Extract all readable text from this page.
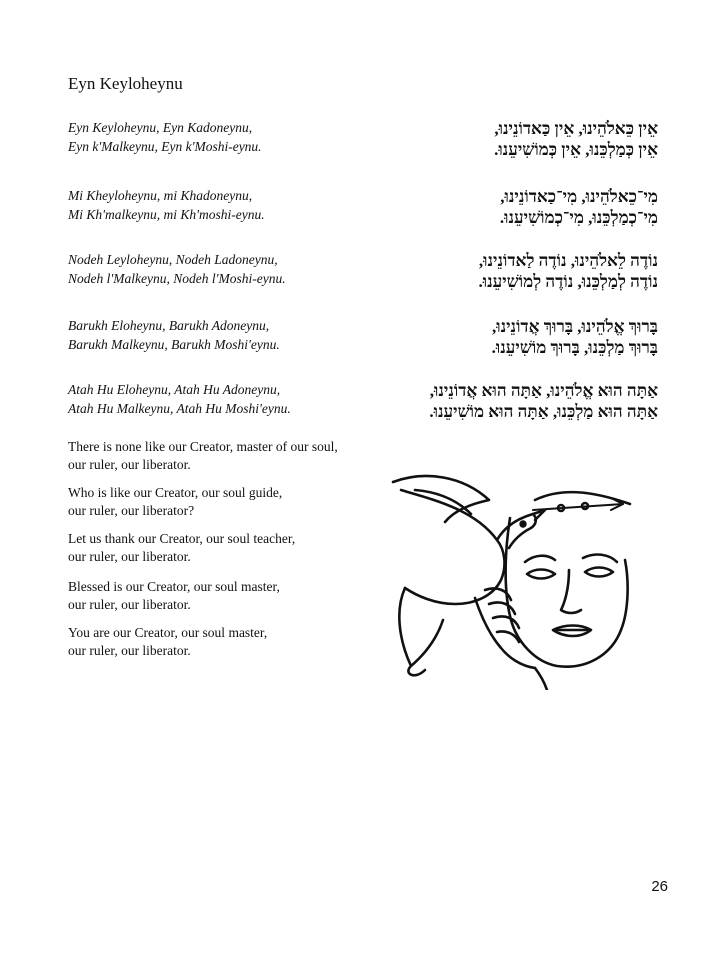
Eyn Keyloheynu
Eyn Keyloheynu, Eyn Kadoneynu,
Eyn k'Malkeynu, Eyn k'Moshi-eynu.
אֵין כֵּאלֹהֵינוּ, אֵין כַּאדוֹנֵינוּ,
אֵין כְּמַלְכֵּנוּ, אֵין כְּמוֹשִׁיעֵנוּ.
Mi Kheyloheynu, mi Khadoneynu,
Mi Kh'malkeynu, mi Kh'moshi-eynu.
מִי־כֵאלֹהֵינוּ, מִי־כַאדוֹנֵינוּ,
מִי־כְמַלְכֵּנוּ, מִי־כְמוֹשִׁיעֵנוּ.
Nodeh Leyloheynu, Nodeh Ladoneynu,
Nodeh l'Malkeynu, Nodeh l'Moshi-eynu.
נוֹדֶה לֵאלֹהֵינוּ, נוֹדֶה לַאדוֹנֵינוּ,
נוֹדֶה לְמַלְכֵּנוּ, נוֹדֶה לְמוֹשִׁיעֵנוּ.
Barukh Eloheynu, Barukh Adoneynu,
Barukh Malkeynu, Barukh Moshi'eynu.
בָּרוּךְ אֱלֹהֵינוּ, בָּרוּךְ אֲדוֹנֵינוּ,
בָּרוּךְ מַלְכֵּנוּ, בָּרוּךְ מוֹשִׁיעֵנוּ.
Atah Hu Eloheynu, Atah Hu Adoneynu,
Atah Hu Malkeynu, Atah Hu Moshi'eynu.
אַתָּה הוּא אֱלֹהֵינוּ, אַתָּה הוּא אֲדוֹנֵינוּ,
אַתָּה הוּא מַלְכֵּנוּ, אַתָּה הוּא מוֹשִׁיעֵנוּ.
There is none like our Creator, master of our soul,
our ruler, our liberator.
Who is like our Creator, our soul guide,
our ruler, our liberator?
Let us thank our Creator, our soul teacher,
our ruler, our liberator.
Blessed is our Creator, our soul master,
our ruler, our liberator.
You are our Creator, our soul master,
our ruler, our liberator.
26
